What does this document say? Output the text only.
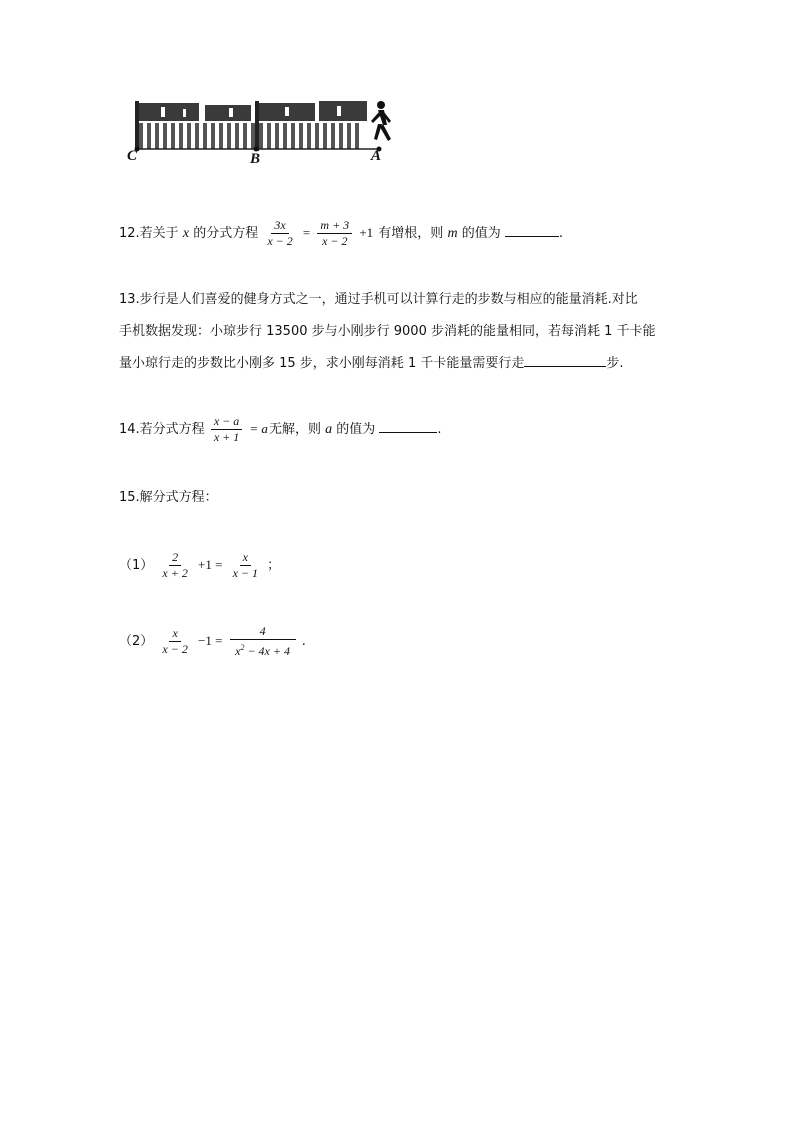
C	B	A
12.若关于 x 的分式方程 $\frac{3x}{x - 2} = \frac{m + 3}{x - 2} +1$ 有增根，则 m 的值为	.
13.步行是人们喜爱的健身方式之一，通过手机可以计算行走的步数与相应的能量消耗.对比
手机数据发现：小琼步行 13500 步与小刚步行 9000 步消耗的能量相同，若每消耗 1 千卡能
量小琼行走的步数比小刚多 15 步，求小刚每消耗 1 千卡能量需要行走	步.
14.若分式方程 $\frac{x - a}{x + 1} = a$无解，则 a 的值为	.
15.解分式方程：
$(1) \frac{2}{x + 2} +1 = \frac{x}{x - 1}$ ；
$(2) \frac{x}{x - 2} -1 = \frac{4}{x^2 - 4x + 4}$ .
